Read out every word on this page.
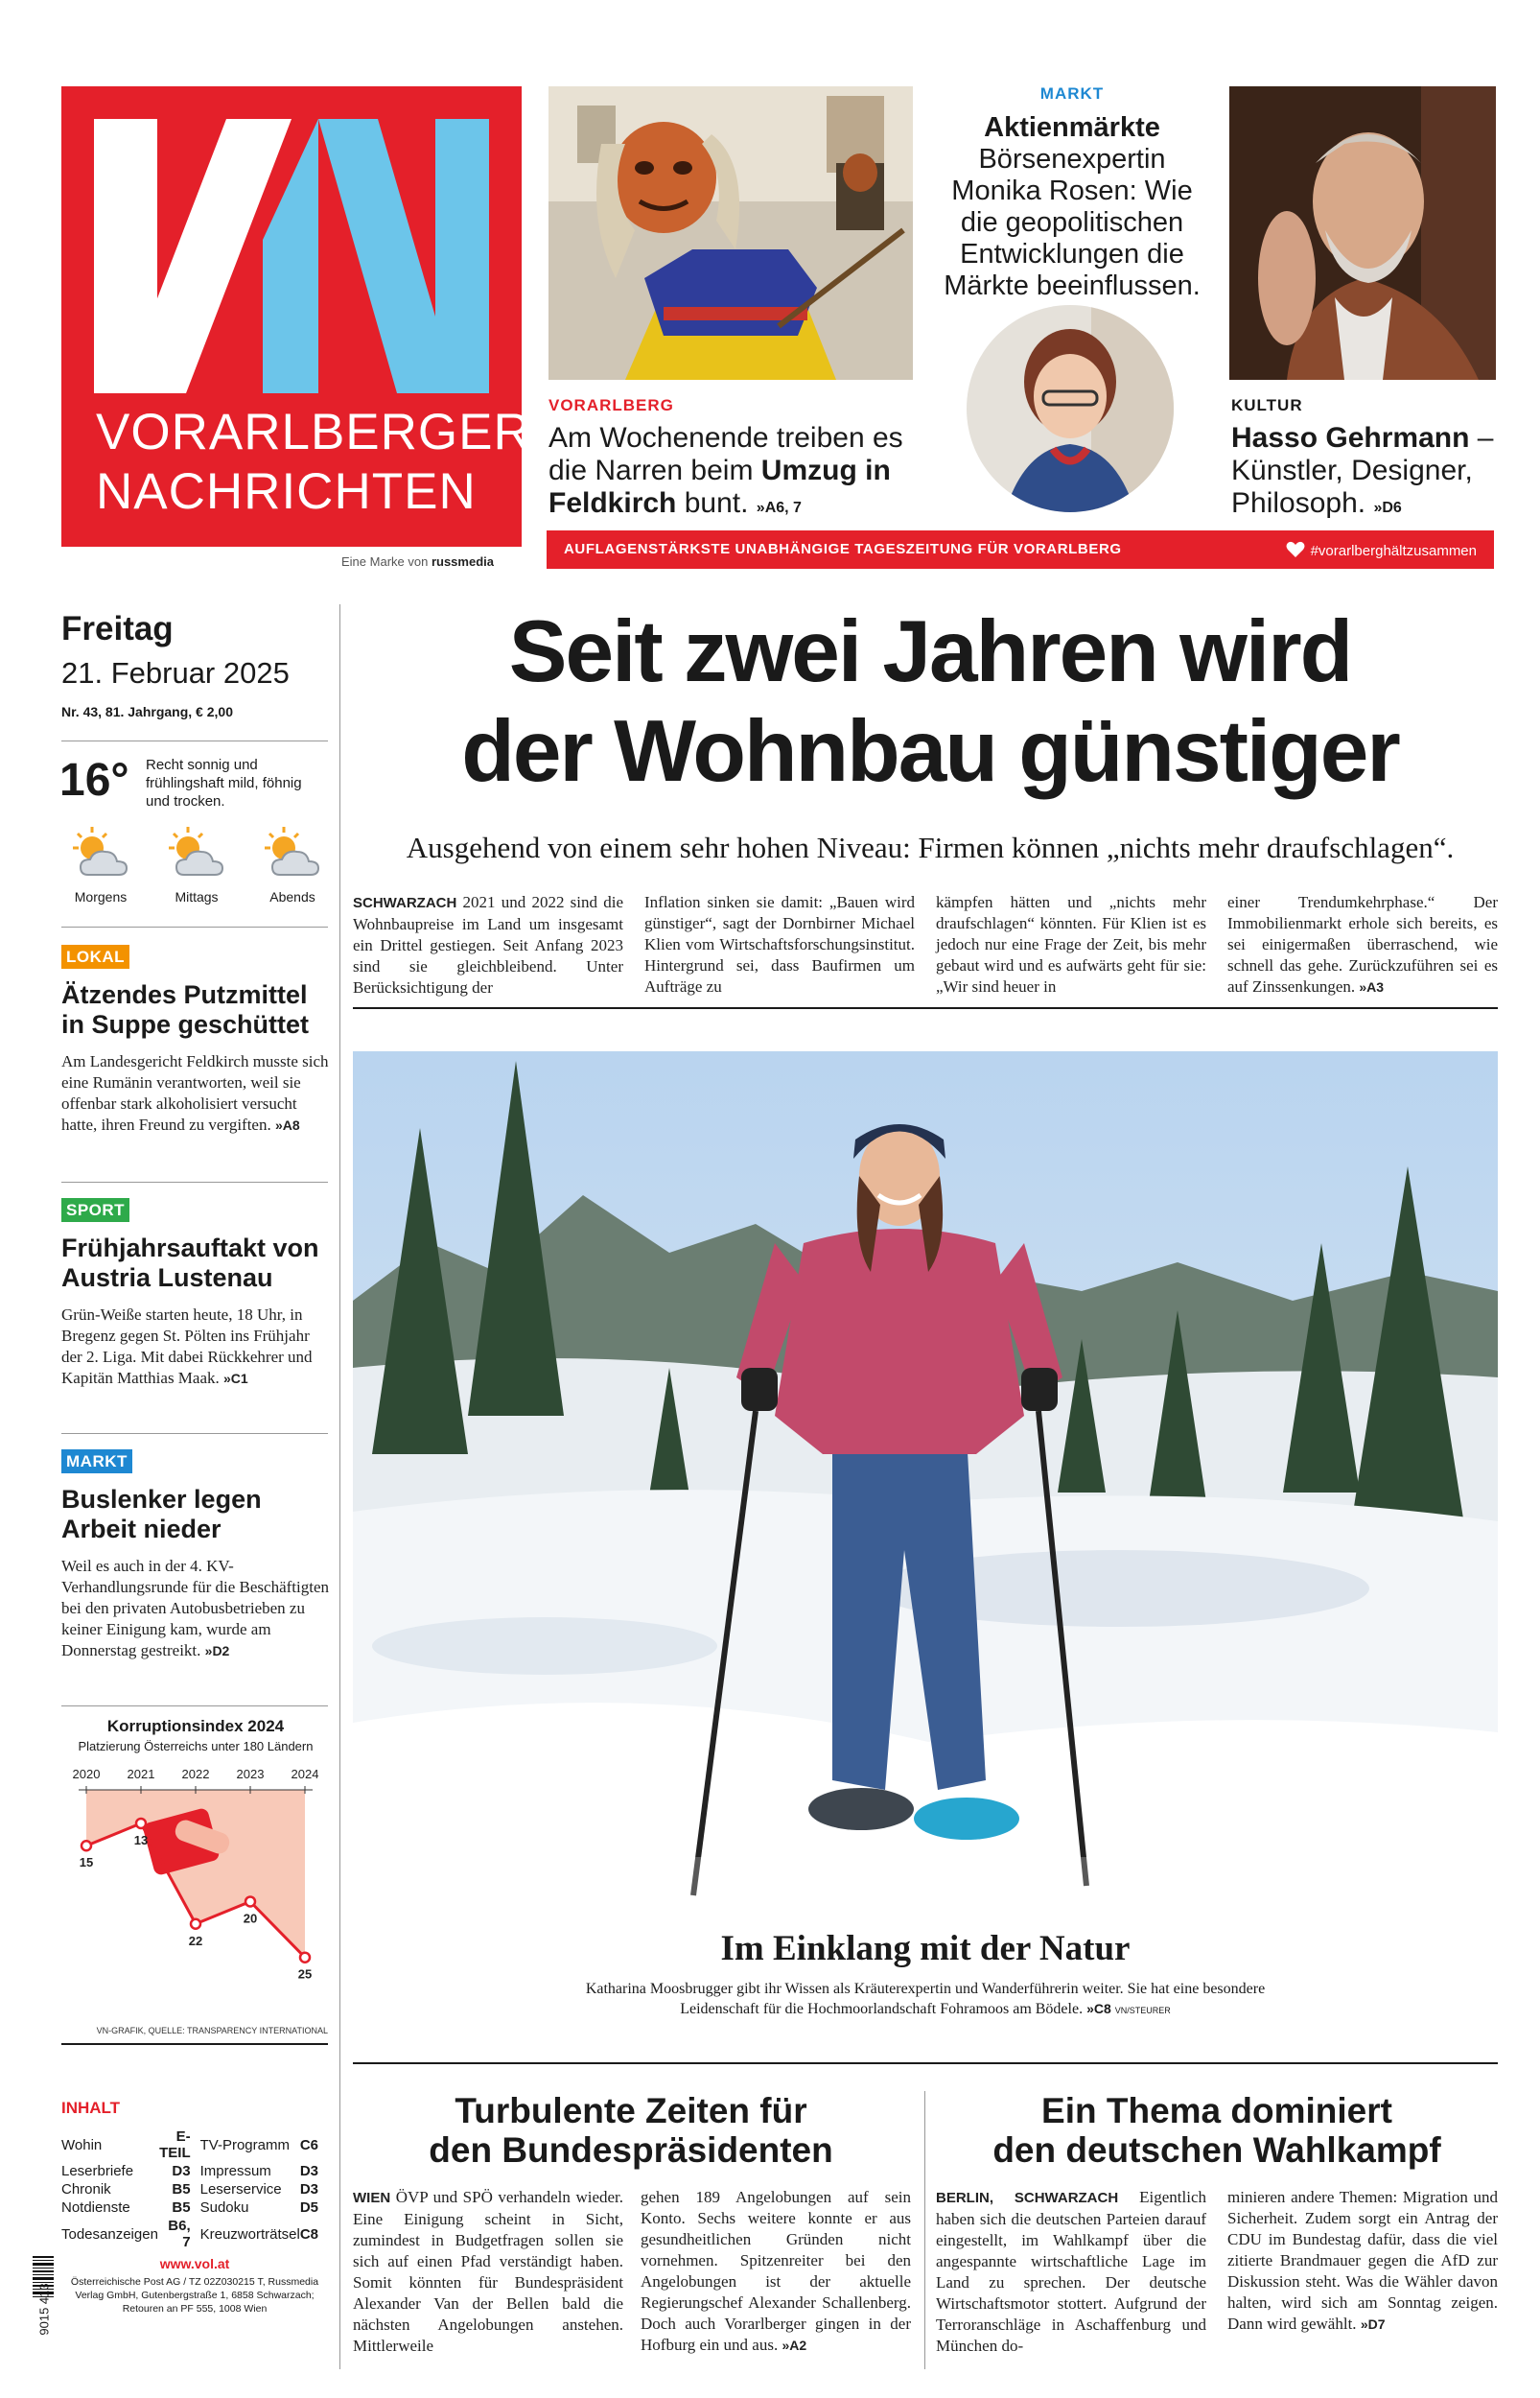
VORARLBERGER
NACHRICHTEN
Eine Marke von russmedia
VORARLBERG
Am Wochenende treiben es die Narren beim Umzug in Feldkirch bunt. »A6, 7
MARKT
Aktienmärkte
Börsenexpertin Monika Rosen: Wie die geopolitischen Entwicklungen die Märkte beeinflussen.
KULTUR
Hasso Gehrmann – Künstler, Designer, Philosoph. »D6
AUFLAGENSTÄRKSTE UNABHÄNGIGE TAGESZEITUNG FÜR VORARLBERG	#vorarlberghältzusammen
Freitag
21. Februar 2025
Nr. 43, 81. Jahrgang, € 2,00
16° Recht sonnig und frühlingshaft mild, föhnig und trocken.
Morgens	Mittags	Abends
LOKAL
Ätzendes Putzmittel in Suppe geschüttet
Am Landesgericht Feldkirch musste sich eine Rumänin verantworten, weil sie offenbar stark alkoholisiert versucht hatte, ihren Freund zu vergiften. »A8
SPORT
Frühjahrsauftakt von Austria Lustenau
Grün-Weiße starten heute, 18 Uhr, in Bregenz gegen St. Pölten ins Frühjahr der 2. Liga. Mit dabei Rückkehrer und Kapitän Matthias Maak. »C1
MARKT
Buslenker legen Arbeit nieder
Weil es auch in der 4. KV-Verhandlungsrunde für die Beschäftigten bei den privaten Autobusbetrieben zu keiner Einigung kam, wurde am Donnerstag gestreikt. »D2
Korruptionsindex 2024
Platzierung Österreichs unter 180 Ländern
2020 2021 2022 2023 2024
15
13
22
20
25
VN-GRAFIK, QUELLE: TRANSPARENCY INTERNATIONAL
INHALT
Wohin	E-TEIL	TV-Programm	C6
Leserbriefe	D3	Impressum	D3
Chronik	B5	Leserservice	D3
Notdienste	B5	Sudoku	D5
Todesanzeigen	B6, 7	Kreuzworträtsel	C8
9015 413
www.vol.at
Österreichische Post AG / TZ 02Z030215 T, Russmedia Verlag GmbH, Gutenbergstraße 1, 6858 Schwarzach; Retouren an PF 555, 1008 Wien
Seit zwei Jahren wird
der Wohnbau günstiger
Ausgehend von einem sehr hohen Niveau: Firmen können „nichts mehr draufschlagen“.
SCHWARZACH 2021 und 2022 sind die Wohnbaupreise im Land um insgesamt ein Drittel gestiegen. Seit Anfang 2023 sind sie gleichbleibend. Unter Berücksichtigung der
Inflation sinken sie damit: „Bauen wird günstiger“, sagt der Dornbirner Michael Klien vom Wirtschaftsforschungsinstitut. Hintergrund sei, dass Baufirmen um Aufträge zu
kämpfen hätten und „nichts mehr draufschlagen“ könnten. Für Klien ist es jedoch nur eine Frage der Zeit, bis mehr gebaut wird und es aufwärts geht für sie: „Wir sind heuer in
einer Trendumkehrphase.“ Der Immobilienmarkt erhole sich bereits, es sei einigermaßen überraschend, wie schnell das gehe. Zurückzuführen sei es auf Zinssenkungen. »A3
Im Einklang mit der Natur
Katharina Moosbrugger gibt ihr Wissen als Kräuterexpertin und Wanderführerin weiter. Sie hat eine besondere Leidenschaft für die Hochmoorlandschaft Fohramoos am Bödele. »C8 VN/STEURER
Turbulente Zeiten für
den Bundespräsidenten
WIEN ÖVP und SPÖ verhandeln wieder. Eine Einigung scheint in Sicht, zumindest in Budgetfragen sollen sie sich auf einen Pfad verständigt haben. Somit könnten für Bundespräsident Alexander Van der Bellen bald die nächsten Angelobungen anstehen. Mittlerweile
gehen 189 Angelobungen auf sein Konto. Sechs weitere konnte er aus gesundheitlichen Gründen nicht vornehmen. Spitzenreiter bei den Angelobungen ist der aktuelle Regierungschef Alexander Schallenberg. Doch auch Vorarlberger gingen in der Hofburg ein und aus. »A2
Ein Thema dominiert
den deutschen Wahlkampf
BERLIN, SCHWARZACH Eigentlich haben sich die deutschen Parteien darauf eingestellt, im Wahlkampf über die angespannte wirtschaftliche Lage im Land zu sprechen. Der deutsche Wirtschaftsmotor stottert. Aufgrund der Terroranschläge in Aschaffenburg und München do-
minieren andere Themen: Migration und Sicherheit. Zudem sorgt ein Antrag der CDU im Bundestag dafür, dass die viel zitierte Brandmauer gegen die AfD zur Diskussion steht. Was die Wähler davon halten, wird sich am Sonntag zeigen. Dann wird gewählt. »D7
